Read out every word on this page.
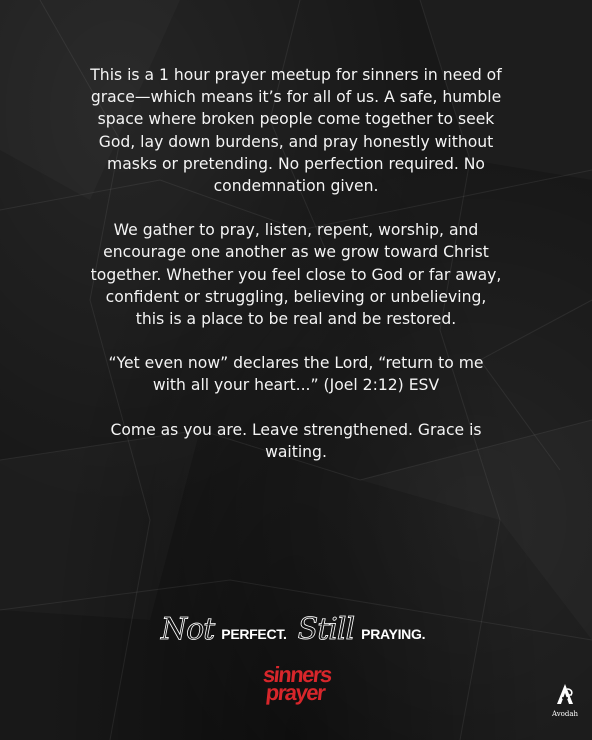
This is a 1 hour prayer meetup for sinners in need of grace—which means it’s for all of us. A safe, humble space where broken people come together to seek God, lay down burdens, and pray honestly without masks or pretending. No perfection required. No condemnation given.

We gather to pray, listen, repent, worship, and encourage one another as we grow toward Christ together. Whether you feel close to God or far away, confident or struggling, believing or unbelieving, this is a place to be real and be restored.

“Yet even now” declares the Lord, “return to me with all your heart...” (Joel 2:12) ESV

Come as you are. Leave strengthened. Grace is waiting.

Not PERFECT. Still PRAYING.
sinners
prayer
Avodah
